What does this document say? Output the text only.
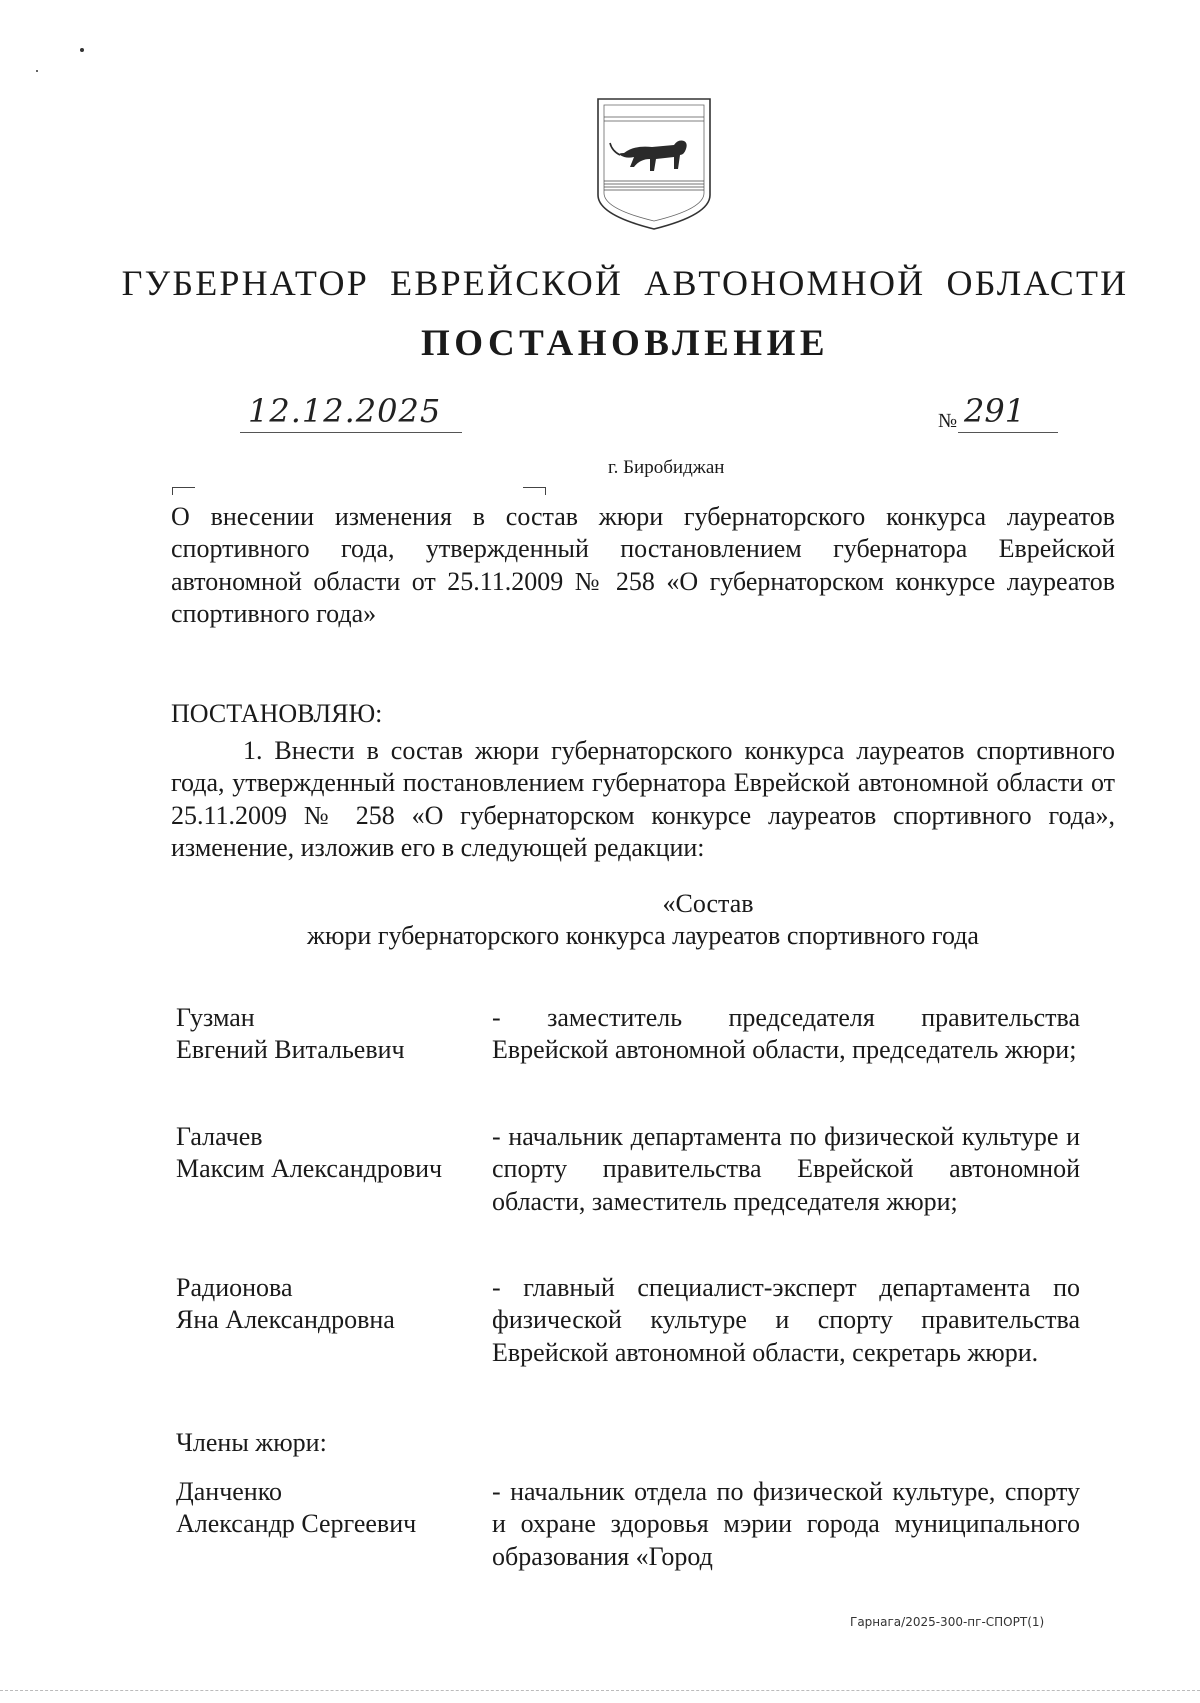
ГУБЕРНАТОР ЕВРЕЙСКОЙ АВТОНОМНОЙ ОБЛАСТИ
ПОСТАНОВЛЕНИЕ
12.12.2025	№ 291
г. Биробиджан

О внесении изменения в состав жюри губернаторского конкурса лауреатов спортивного года, утвержденный постановлением губернатора Еврейской автономной области от 25.11.2009 № 258 «О губернаторском конкурсе лауреатов спортивного года»

ПОСТАНОВЛЯЮ:

1. Внести в состав жюри губернаторского конкурса лауреатов спортивного года, утвержденный постановлением губернатора Еврейской автономной области от 25.11.2009 № 258 «О губернаторском конкурсе лауреатов спортивного года», изменение, изложив его в следующей редакции:

«Состав
жюри губернаторского конкурса лауреатов спортивного года
Гузман
Евгений Витальевич
- заместитель председателя правительства Еврейской автономной области, председатель жюри;
Галачев
Максим Александрович
- начальник департамента по физической культуре и спорту правительства Еврейской автономной области, заместитель председателя жюри;
Радионова
Яна Александровна
- главный специалист-эксперт департамента по физической культуре и спорту правительства Еврейской автономной области, секретарь жюри.
Члены жюри:
Данченко
Александр Сергеевич
- начальник отдела по физической культуре, спорту и охране здоровья мэрии города муниципального образования «Город
Гарнага/2025-300-пг-СПОРТ(1)
